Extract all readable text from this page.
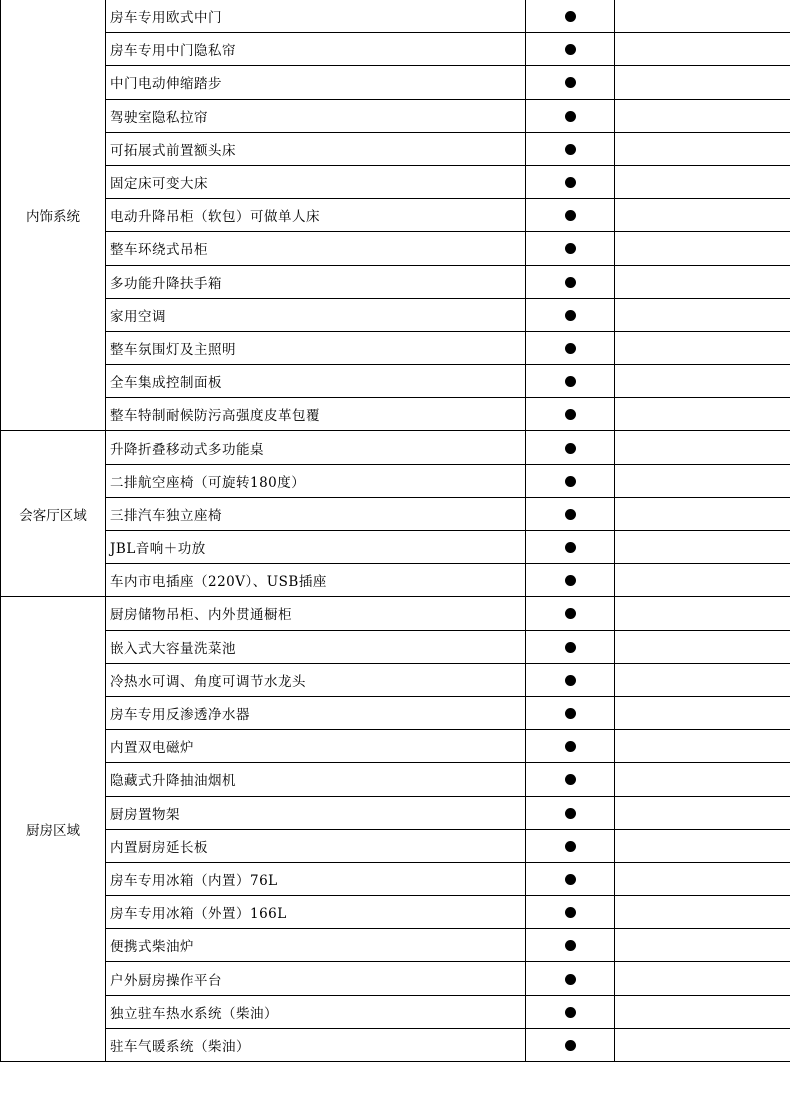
内饰系统	房车专用欧式中门		
	房车专用中门隐私帘		
	中门电动伸缩踏步		
	驾驶室隐私拉帘		
	可拓展式前置额头床		
	固定床可变大床		
	电动升降吊柜（软包）可做单人床		
	整车环绕式吊柜		
	多功能升降扶手箱		
	家用空调		
	整车氛围灯及主照明		
	全车集成控制面板		
	整车特制耐候防污高强度皮革包覆		
会客厅区域	升降折叠移动式多功能桌		
	二排航空座椅（可旋转180度）		
	三排汽车独立座椅		
	JBL音响＋功放		
	车内市电插座（220V）、USB插座		
厨房区域	厨房储物吊柜、内外贯通橱柜		
	嵌入式大容量洗菜池		
	冷热水可调、角度可调节水龙头		
	房车专用反渗透净水器		
	内置双电磁炉		
	隐藏式升降抽油烟机		
	厨房置物架		
	内置厨房延长板		
	房车专用冰箱（内置）76L		
	房车专用冰箱（外置）166L		
	便携式柴油炉		
	户外厨房操作平台		
	独立驻车热水系统（柴油）		
	驻车气暖系统（柴油）		
